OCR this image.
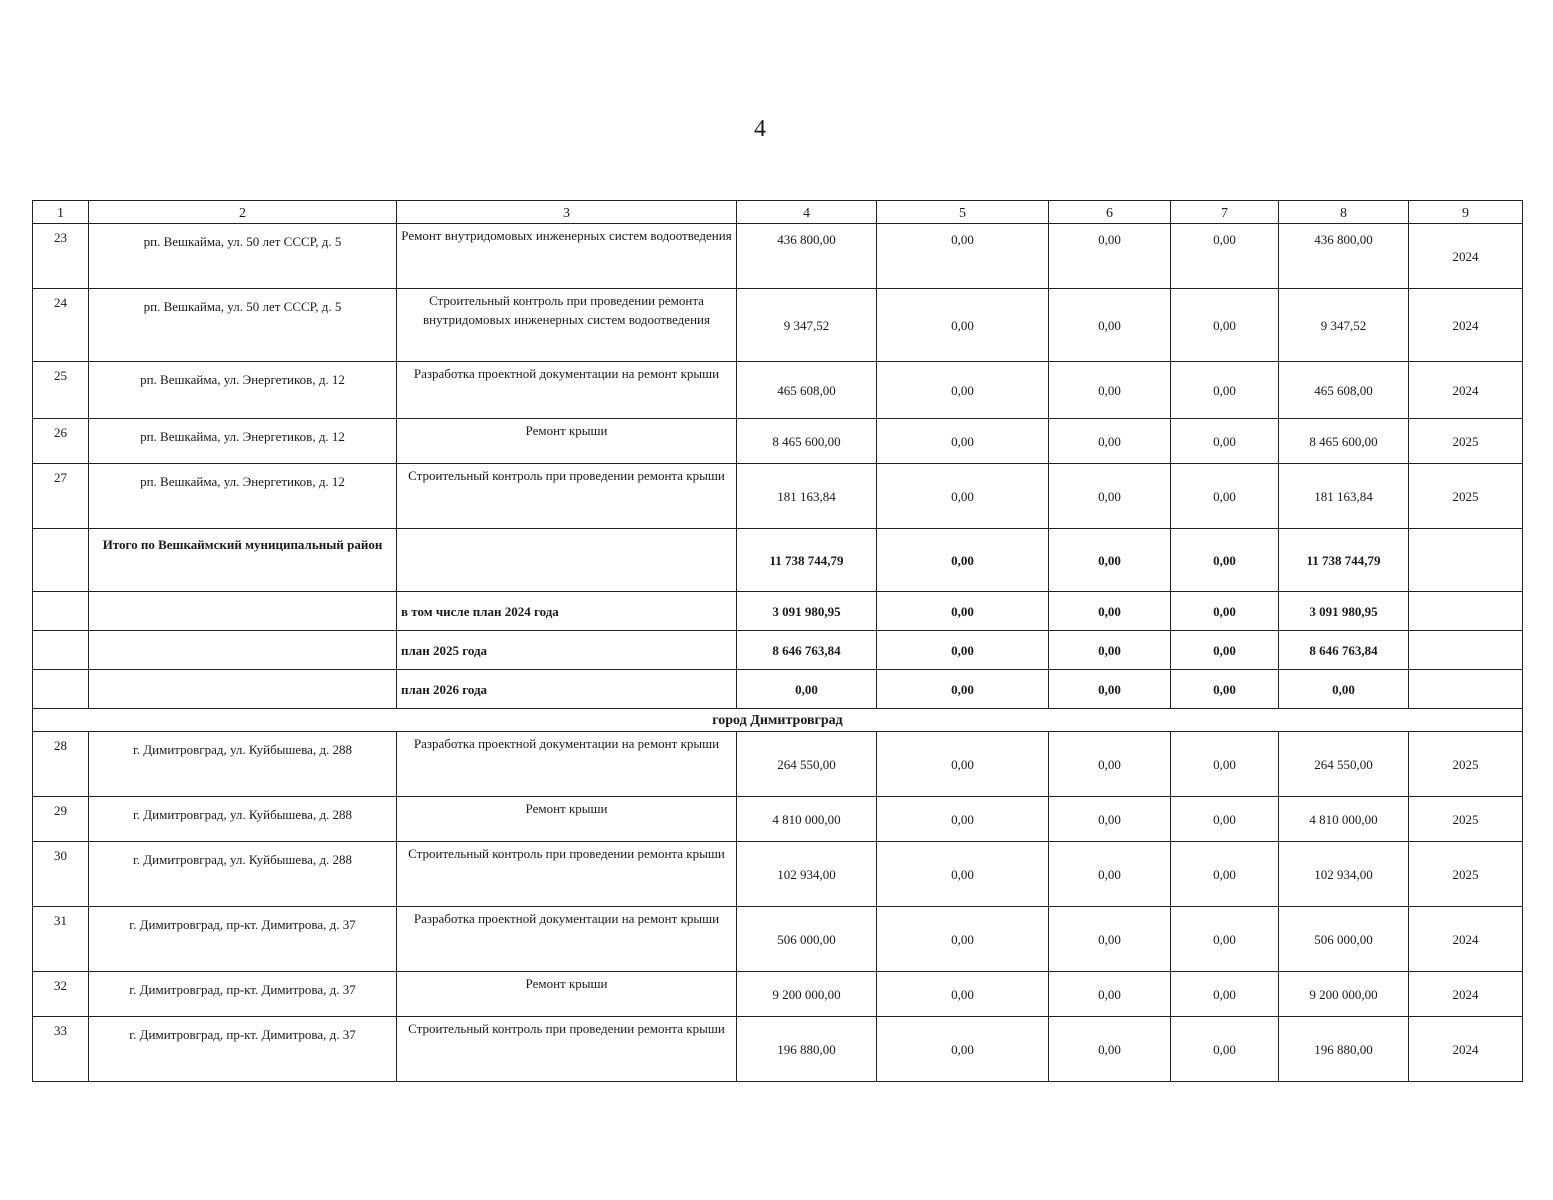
4
1	2	3	4	5	6	7	8	9
23	рп. Вешкайма, ул. 50 лет СССР, д. 5	Ремонт внутридомовых инженерных систем водоотведения	436 800,00	0,00	0,00	0,00	436 800,00	2024
24	рп. Вешкайма, ул. 50 лет СССР, д. 5	Строительный контроль при проведении ремонта внутридомовых инженерных систем водоотведения	9 347,52	0,00	0,00	0,00	9 347,52	2024
25	рп. Вешкайма, ул. Энергетиков, д. 12	Разработка проектной документации на ремонт крыши	465 608,00	0,00	0,00	0,00	465 608,00	2024
26	рп. Вешкайма, ул. Энергетиков, д. 12	Ремонт крыши	8 465 600,00	0,00	0,00	0,00	8 465 600,00	2025
27	рп. Вешкайма, ул. Энергетиков, д. 12	Строительный контроль при проведении ремонта крыши	181 163,84	0,00	0,00	0,00	181 163,84	2025
	Итого по Вешкаймский муниципальный район		11 738 744,79	0,00	0,00	0,00	11 738 744,79	
		в том числе план 2024 года	3 091 980,95	0,00	0,00	0,00	3 091 980,95	
		план 2025 года	8 646 763,84	0,00	0,00	0,00	8 646 763,84	
		план 2026 года	0,00	0,00	0,00	0,00	0,00	
город Димитровград								
28	г. Димитровград, ул. Куйбышева, д. 288	Разработка проектной документации на ремонт крыши	264 550,00	0,00	0,00	0,00	264 550,00	2025
29	г. Димитровград, ул. Куйбышева, д. 288	Ремонт крыши	4 810 000,00	0,00	0,00	0,00	4 810 000,00	2025
30	г. Димитровград, ул. Куйбышева, д. 288	Строительный контроль при проведении ремонта крыши	102 934,00	0,00	0,00	0,00	102 934,00	2025
31	г. Димитровград, пр-кт. Димитрова, д. 37	Разработка проектной документации на ремонт крыши	506 000,00	0,00	0,00	0,00	506 000,00	2024
32	г. Димитровград, пр-кт. Димитрова, д. 37	Ремонт крыши	9 200 000,00	0,00	0,00	0,00	9 200 000,00	2024
33	г. Димитровград, пр-кт. Димитрова, д. 37	Строительный контроль при проведении ремонта крыши	196 880,00	0,00	0,00	0,00	196 880,00	2024
